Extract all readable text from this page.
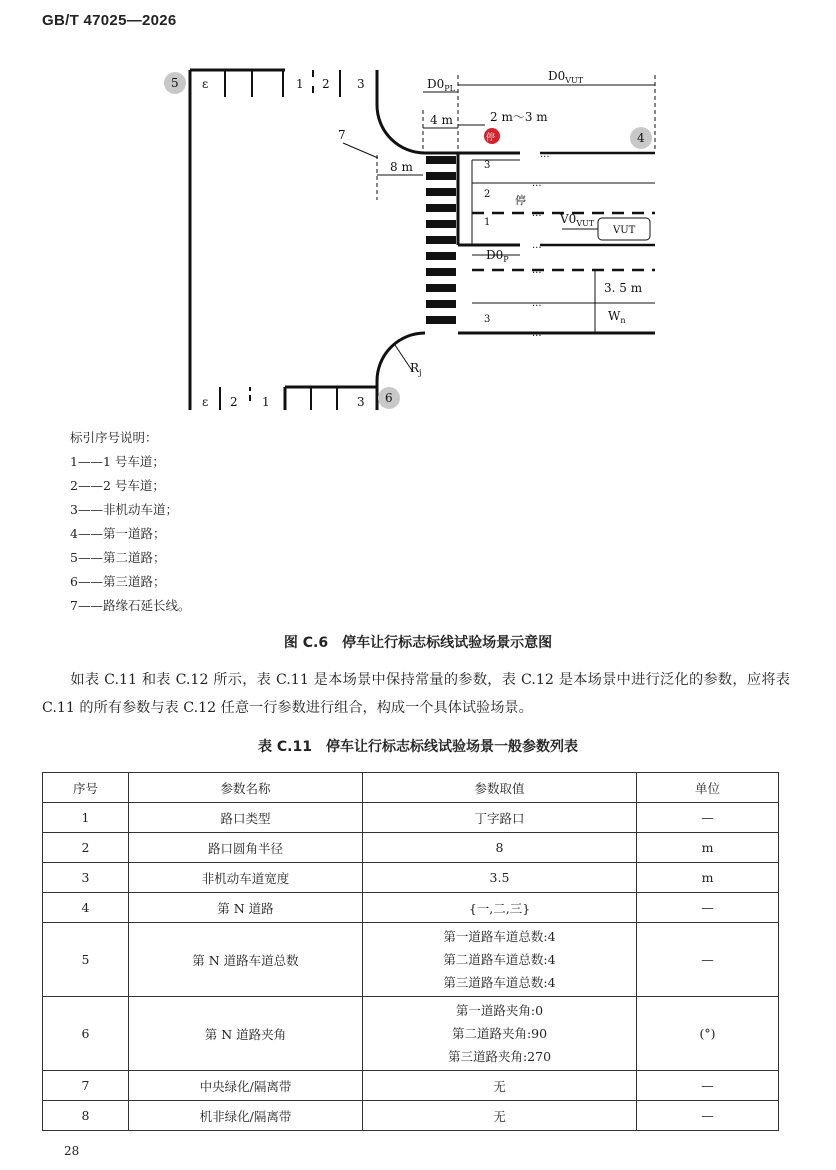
GB/T 47025—2026
停
VUT
5
4
6
7
ε	1 2 3
ε 2 1	3
3
2
1
3
停
...
...
...
...
...
...
...
$D0_{PL}$
$D0_{VUT}$
4 m
8 m
2 m～3 m
$D0_P$
$V0_{VUT}$
3. 5 m
$W_n$
$R_j$
标引序号说明：
1——1 号车道；
2——2 号车道；
3——非机动车道；
4——第一道路；
5——第二道路；
6——第三道路；
7——路缘石延长线。
图 C.6　停车让行标志标线试验场景示意图
如表 C.11 和表 C.12 所示，表 C.11 是本场景中保持常量的参数，表 C.12 是本场景中进行泛化的参数，应将表 C.11 的所有参数与表 C.12 任意一行参数进行组合，构成一个具体试验场景。
表 C.11　停车让行标志标线试验场景一般参数列表
序号	参数名称	参数取值	单位
1	路口类型	丁字路口	—
2	路口圆角半径	8	m
3	非机动车道宽度	3.5	m
4	第 N 道路	{一,二,三}	—
5	第 N 道路车道总数	第一道路车道总数:4
第二道路车道总数:4
第三道路车道总数:4	—
6	第 N 道路夹角	第一道路夹角:0
第二道路夹角:90
第三道路夹角:270	(°)
7	中央绿化/隔离带	无	—
8	机非绿化/隔离带	无	—
28
